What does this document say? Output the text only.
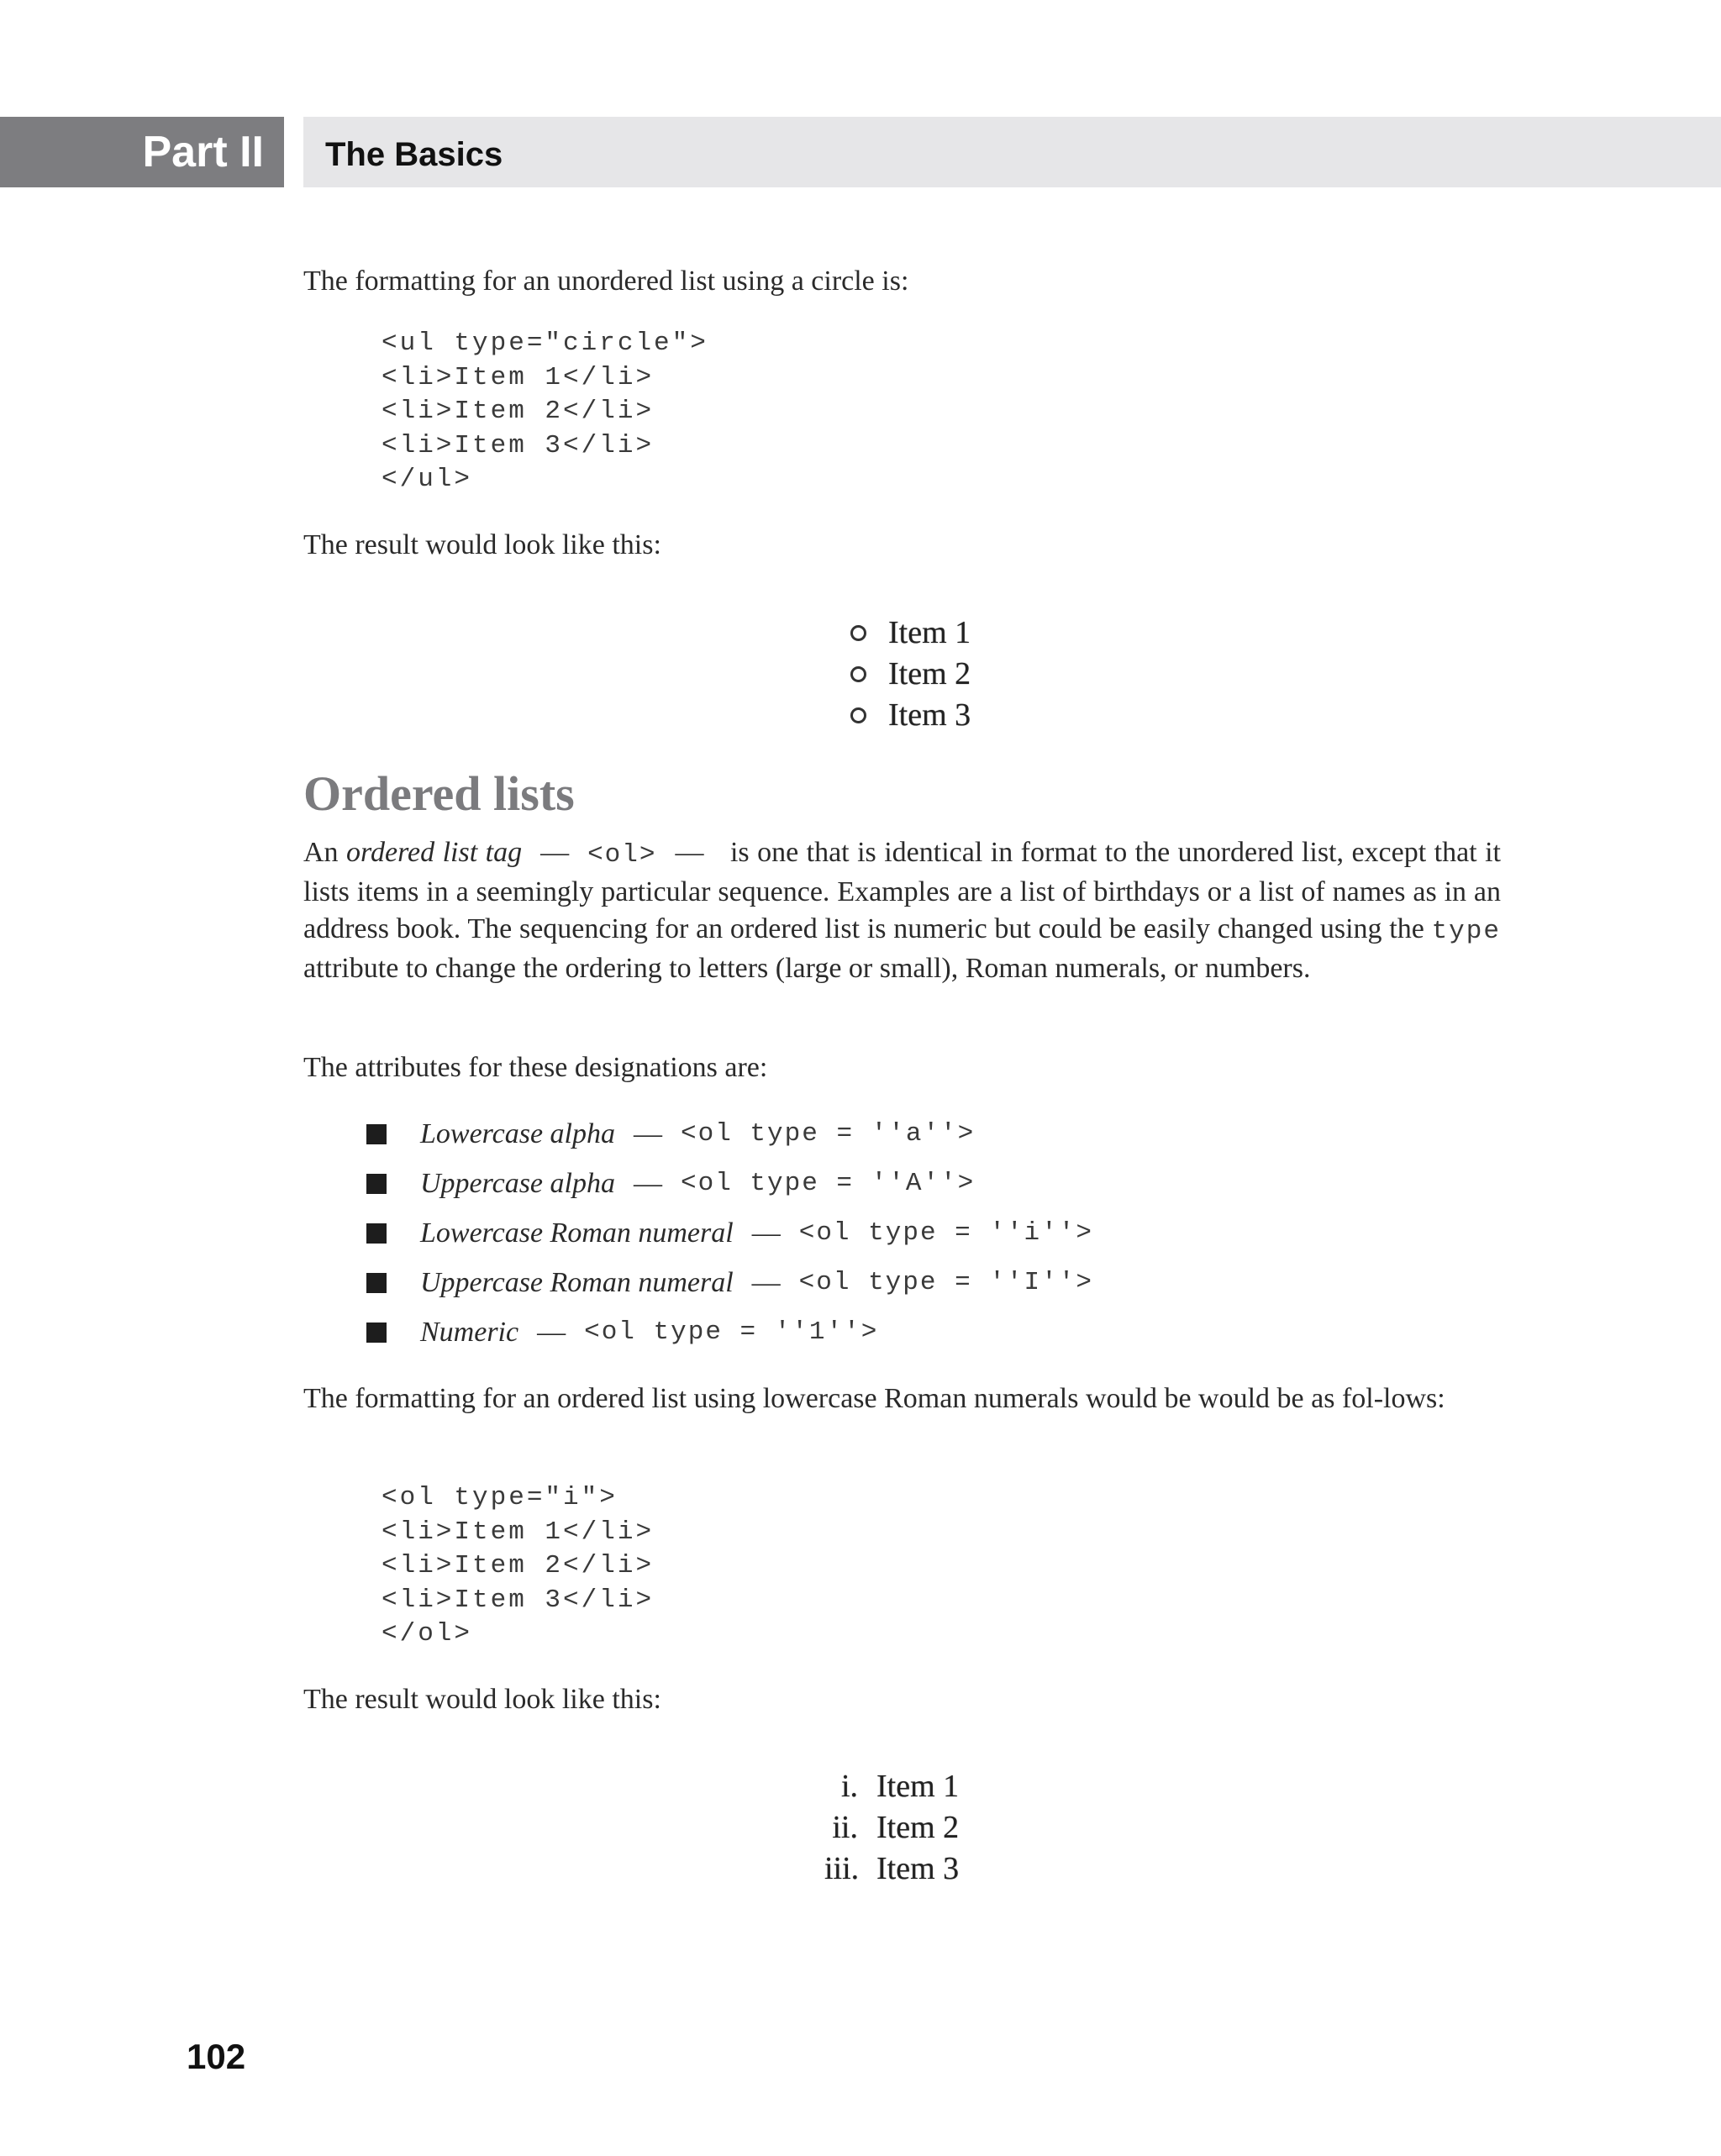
Part II	The Basics

The formatting for an unordered list using a circle is:

<ul type="circle">
<li>Item 1</li>
<li>Item 2</li>
<li>Item 3</li>
</ul>

The result would look like this:

Item 1
Item 2
Item 3
Ordered lists

An ordered list tag — <ol> — is one that is identical in format to the unordered list, except that it lists items in a seemingly particular sequence. Examples are a list of birthdays or a list of names as in an address book. The sequencing for an ordered list is numeric but could be easily changed using the type attribute to change the ordering to letters (large or small), Roman numerals, or numbers.

The attributes for these designations are:

Lowercase alpha — <ol type = ''a''>
Uppercase alpha — <ol type = ''A''>
Lowercase Roman numeral — <ol type = ''i''>
Uppercase Roman numeral — <ol type = ''I''>
Numeric — <ol type = ''1''>

The formatting for an ordered list using lowercase Roman numerals would be would be as fol-lows:

<ol type="i">
<li>Item 1</li>
<li>Item 2</li>
<li>Item 3</li>
</ol>

The result would look like this:

i. Item 1
ii. Item 2
iii. Item 3
102
